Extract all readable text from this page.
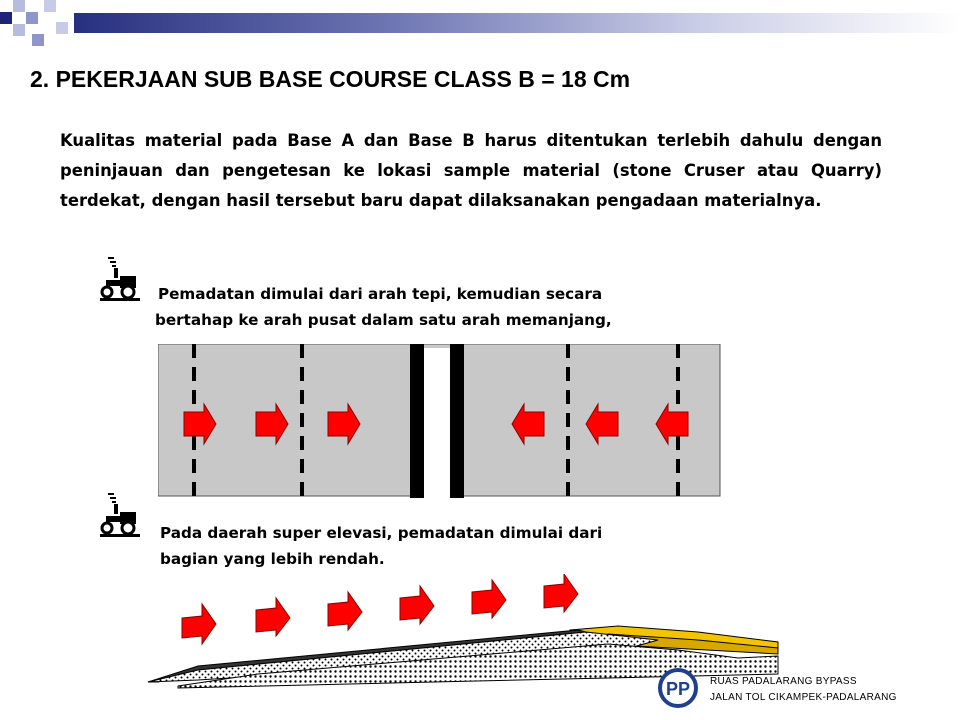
2. PEKERJAAN SUB BASE COURSE CLASS B = 18 Cm
Kualitas material pada Base A dan Base B harus ditentukan terlebih dahulu dengan peninjauan dan pengetesan ke lokasi sample material (stone Cruser atau Quarry) terdekat, dengan hasil tersebut baru dapat dilaksanakan pengadaan materialnya.
Pemadatan dimulai dari arah tepi, kemudian secara
bertahap ke arah pusat dalam satu arah memanjang,
Pada daerah super elevasi, pemadatan dimulai dari
bagian yang lebih rendah.
PP RUAS PADALARANG BYPASS
JALAN TOL CIKAMPEK-PADALARANG
